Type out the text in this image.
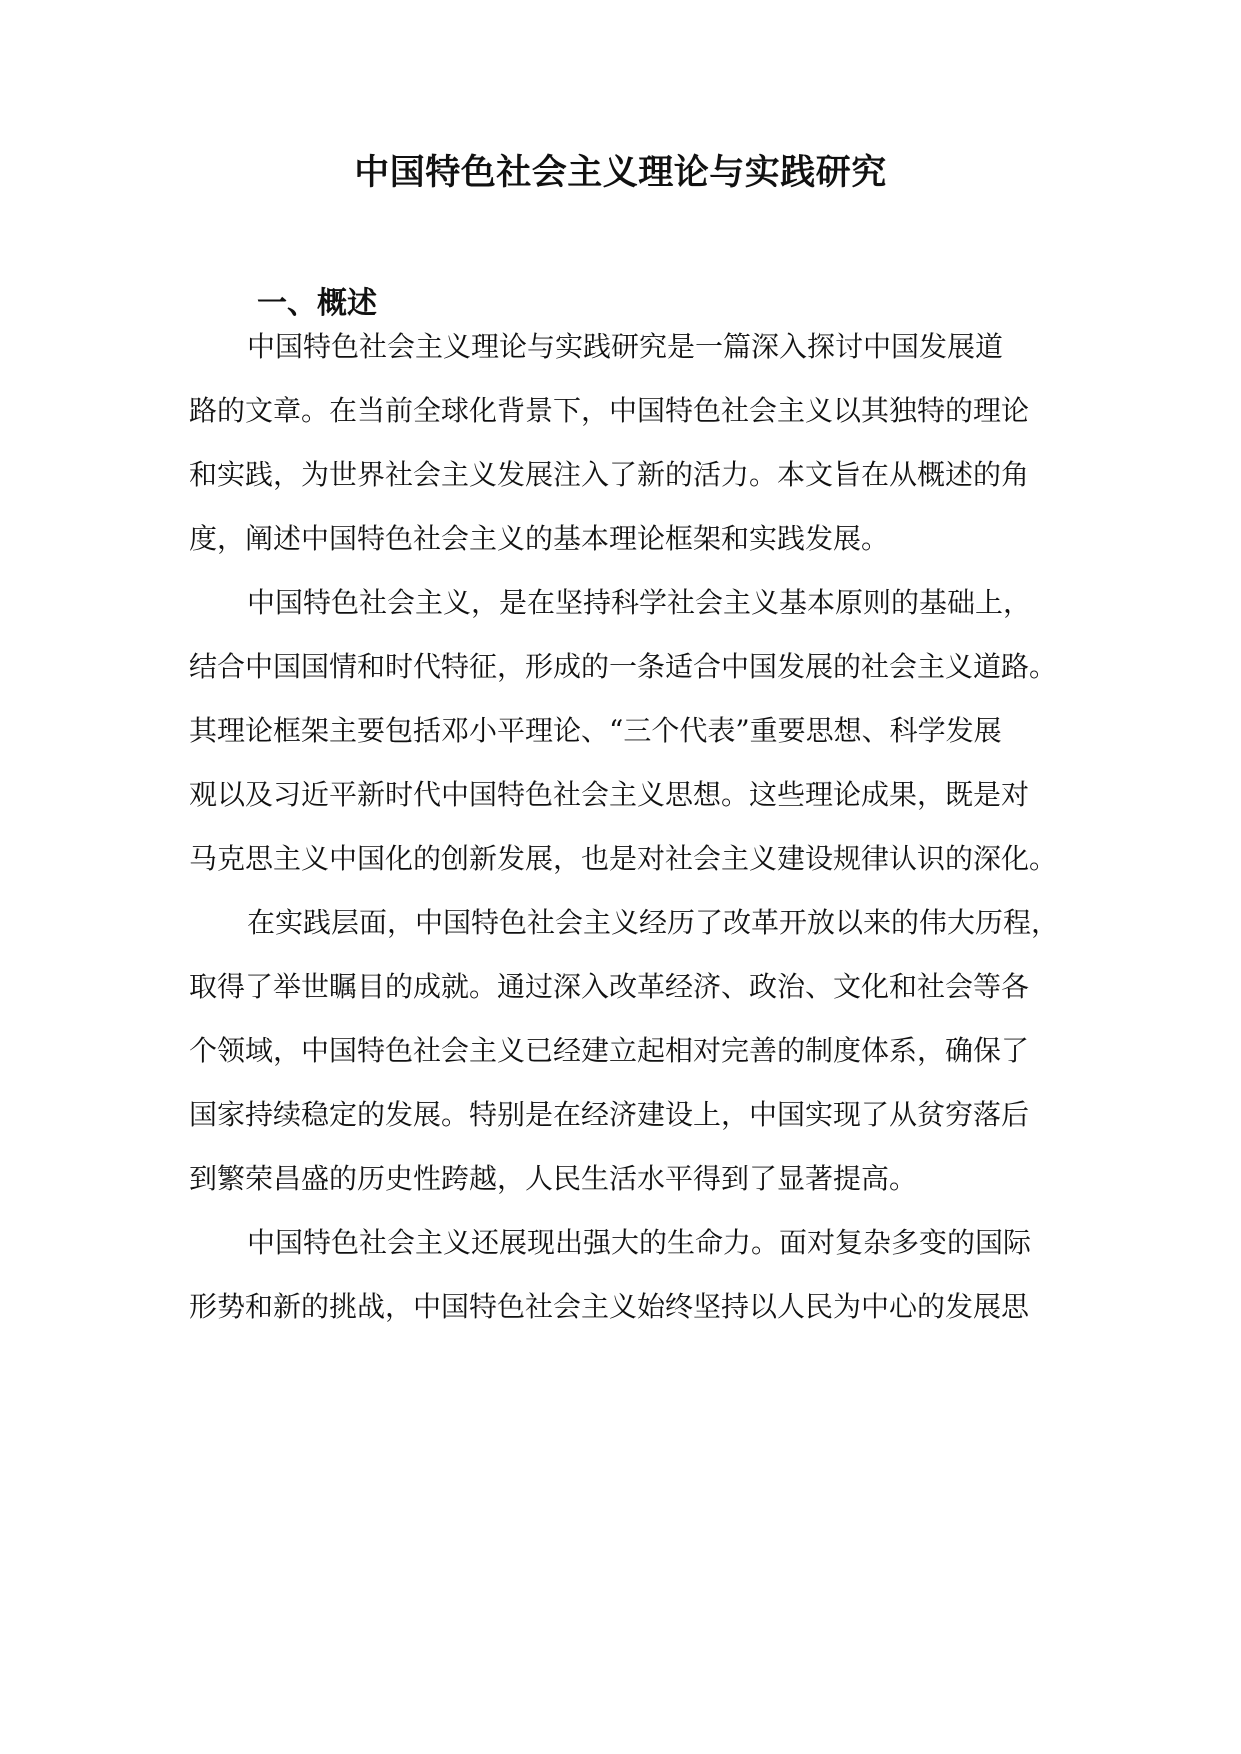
中国特色社会主义理论与实践研究
一、概述
中国特色社会主义理论与实践研究是一篇深入探讨中国发展道
路的文章。在当前全球化背景下，中国特色社会主义以其独特的理论
和实践，为世界社会主义发展注入了新的活力。本文旨在从概述的角
度，阐述中国特色社会主义的基本理论框架和实践发展。
中国特色社会主义，是在坚持科学社会主义基本原则的基础上，
结合中国国情和时代特征，形成的一条适合中国发展的社会主义道路。
其理论框架主要包括邓小平理论、“三个代表”重要思想、科学发展
观以及习近平新时代中国特色社会主义思想。这些理论成果，既是对
马克思主义中国化的创新发展，也是对社会主义建设规律认识的深化。
在实践层面，中国特色社会主义经历了改革开放以来的伟大历程，
取得了举世瞩目的成就。通过深入改革经济、政治、文化和社会等各
个领域，中国特色社会主义已经建立起相对完善的制度体系，确保了
国家持续稳定的发展。特别是在经济建设上，中国实现了从贫穷落后
到繁荣昌盛的历史性跨越，人民生活水平得到了显著提高。
中国特色社会主义还展现出强大的生命力。面对复杂多变的国际
形势和新的挑战，中国特色社会主义始终坚持以人民为中心的发展思
